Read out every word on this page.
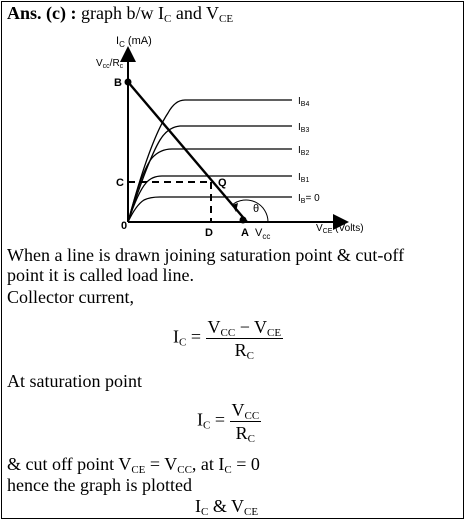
Ans. (c) : graph b/w $I_C$ and $V_{CE}$
$I_C$ (mA)
$V_{cc}/R_c$
B
C	Q
0
D	A $V_{cc}$
θ
$V_{CE}$ (Volts)
$I_{B4}$
$I_{B3}$
$I_{B2}$
$I_{B1}$
$I_B= 0$
When a line is drawn joining saturation point & cut-off
point it is called load line.
Collector current,
$I_C = \frac{V_{CC} - V_{CE}}{R_C}$
At saturation point
$I_C = \frac{V_{CC}}{R_C}$
& cut off point $V_{CE} = V_{CC}$, at $I_C = 0$
hence the graph is plotted
$I_C$ & $V_{CE}$
